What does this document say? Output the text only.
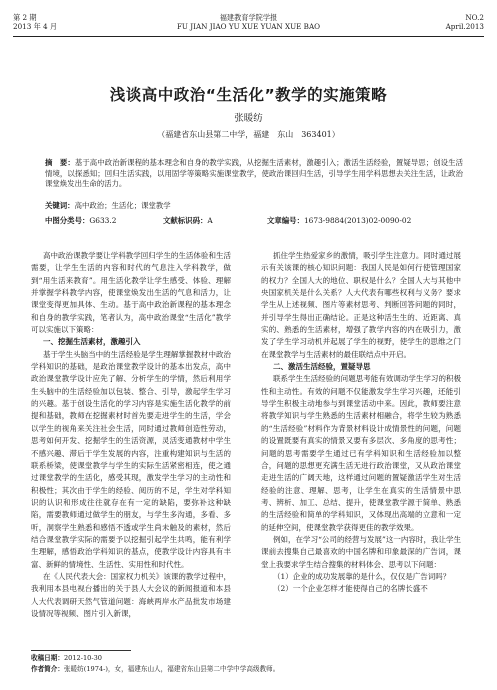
第 2 期
2013 年 4 月
福建教育学院学报
FU JIAN JIAO YU XUE YUAN XUE BAO
NO.2
April.2013
浅谈高中政治“生活化”教学的实施策略
张暖纺
（福建省东山县第二中学，福建　东山　363401）
摘　要：基于高中政治新课程的基本理念和自身的教学实践，从挖掘生活素材，激趣引入；激活生活经验，置疑导思；创设生活情境，以探悉知；回归生活实践，以用固学等策略实施课堂教学，使政治课回归生活，引导学生用学科思想去关注生活，让政治课堂焕发出生命的活力。
关键词：高中政治；生活化；课堂教学
中图分类号：G633.2	文献标识码：A	文章编号：1673-9884(2013)02-0090-02

高中政治课教学要让学科教学回归学生的生活体验和生活需要，让学生生活的内容和时代的气息注入学科教学，做到“用生活来教育”。用生活化教学让学生感受、体验、理解并掌握学科教学内容，使课堂焕发出生活的气息和活力，让课堂变得更加具体、生动。基于高中政治新课程的基本理念和自身的教学实践，笔者认为，高中政治课堂“生活化”教学可以实施以下策略：

一、挖掘生活素材，激趣引入

基于学生头脑当中的生活经验是学生理解掌握教材中政治学科知识的基础，是政治课堂教学设计的基本出发点，高中政治课堂教学设计应先了解、分析学生的学情，然后利用学生头脑中的生活经验加以包装、整合、引导，激起学生学习的兴趣。基于创设生活化的学习内容是实施生活化教学的前提和基础，教师在挖掘素材时首先要走进学生的生活，学会以学生的视角来关注社会生活，同时通过教师创造性劳动，思考如何开发、挖掘学生的生活资源，灵活变通教材中学生不感兴趣、滞后于学生发展的内容，注重构建知识与生活的联系桥梁，使课堂教学与学生的实际生活紧密相连，使之通过课堂教学的生活化，感受其现，激发学生学习的主动性和积极性；其次由于学生的经验、阅历的不足，学生对学科知识的认识和形成往往就存在有一定的缺陷，要弥补这种缺陷，需要教师通过做学生的朋友，与学生多沟通，多看、多听，洞察学生熟悉和感悟不透或学生尚未触及的素材，然后结合课堂教学实际的需要予以挖掘引起学生共鸣，能有利学生理解，感悟政治学科知识的基点，使教学设计内容具有丰富、新鲜的情境性、生活性、实用性和时代性。

在《人民代表大会：国家权力机关》该课的教学过程中，我利用本县电视台播出的关于县人大会议的新闻报道和本县人大代表调研天然气管道问题：海峡两岸水产品批发市场建设情况等视频、图片引入新课，

抓住学生热爱家乡的激情，吸引学生注意力。同时通过展示有关该课的核心知识问题：我国人民是如何行使管理国家的权力？全国人大的地位、职权是什么？全国人大与其他中央国家机关是什么关系？人大代表有哪些权利与义务？要求学生从上述视频、图片等素材思考、判断回答问题的同时，并引导学生得出正确结论。正是这种活生生的、近距离、真实的、熟悉的生活素材，增强了教学内容的内在吸引力，激发了学生学习动机并起展了学生的视野，使学生的思维之门在课堂教学与生活素材的最佳联结点中开启。

二、激活生活经验，置疑导思

联系学生生活经验的问题思考能有效调动学生学习的积极性和主动性。有效的问题不仅能激发学生学习兴趣，还能引导学生积极主动地参与到课堂活动中来。因此，教师要注意将教学知识与学生熟悉的生活素材相融合，将学生较为熟悉的“生活经验”材料作为背景材料设计成情景性的问题，问题的设置既要有真实的情景又要有多层次、多角度的思考性；问题的思考需要学生通过已有学科知识和生活经验加以整合，问题的思想更充满生活无进行政治课堂，又从政治课堂走进生活的广阔天地，这样通过问题的置疑激活学生对生活经验的注意、理解、思考，让学生在真实的生活情景中思考、辨析、加工、总结、提升，使课堂教学源于简单、熟悉的生活经验和简单的学科知识，又体现出高端的立意和一定的延伸空间，使课堂教学获得更佳的教学效果。

例如，在学习“公司的经营与发展”这一内容时，我让学生课前去搜集自己最喜欢的中国名牌和印象最深的广告词，课堂上我要求学生结合搜集的材料体会、思考以下问题：

（1）企业的成功发展靠的是什么，仅仅是广告词吗？

（2）一个企业怎样才能使得自己的名牌长盛不

收稿日期：2012-10-30
作者简介：张暖纺(1974-)，女，福建东山人，福建省东山县第二中学中学高级教师。
